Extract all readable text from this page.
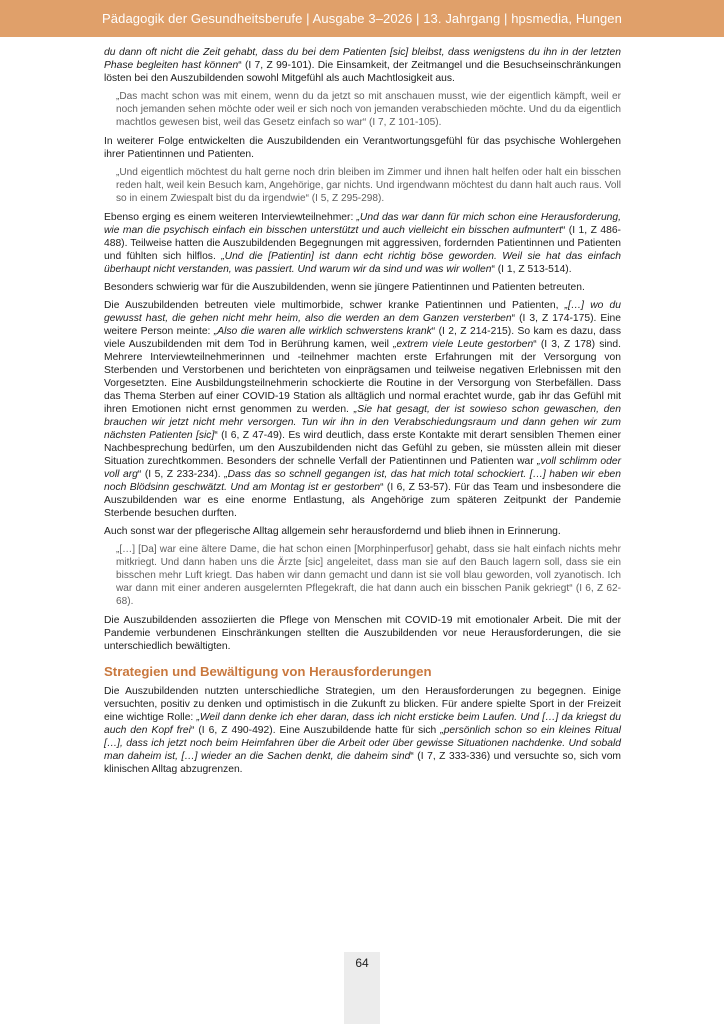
Pädagogik der Gesundheitsberufe | Ausgabe 3–2026 | 13. Jahrgang | hpsmedia, Hungen

du dann oft nicht die Zeit gehabt, dass du bei dem Patienten [sic] bleibst, dass wenigstens du ihn in der letzten Phase begleiten hast können“ (I 7, Z 99-101). Die Einsamkeit, der Zeitmangel und die Besuchseinschränkungen lösten bei den Auszubildenden sowohl Mitgefühl als auch Machtlosigkeit aus.

„Das macht schon was mit einem, wenn du da jetzt so mit anschauen musst, wie der eigentlich kämpft, weil er noch jemanden sehen möchte oder weil er sich noch von jemanden verabschieden möchte. Und du da eigentlich machtlos gewesen bist, weil das Gesetz einfach so war“ (I 7, Z 101-105).

In weiterer Folge entwickelten die Auszubildenden ein Verantwortungsgefühl für das psychische Wohlergehen ihrer Patientinnen und Patienten.

„Und eigentlich möchtest du halt gerne noch drin bleiben im Zimmer und ihnen halt helfen oder halt ein bisschen reden halt, weil kein Besuch kam, Angehörige, gar nichts. Und irgendwann möchtest du dann halt auch raus. Voll so in einem Zwiespalt bist du da irgendwie“ (I 5, Z 295-298).

Ebenso erging es einem weiteren Interviewteilnehmer: „Und das war dann für mich schon eine Herausforderung, wie man die psychisch einfach ein bisschen unterstützt und auch vielleicht ein bisschen aufmuntert“ (I 1, Z 486-488). Teilweise hatten die Auszubildenden Begegnungen mit aggressiven, fordernden Patientinnen und Patienten und fühlten sich hilflos. „Und die [Patientin] ist dann echt richtig böse geworden. Weil sie hat das einfach überhaupt nicht verstanden, was passiert. Und warum wir da sind und was wir wollen“ (I 1, Z 513-514).

Besonders schwierig war für die Auszubildenden, wenn sie jüngere Patientinnen und Patienten betreuten.

Die Auszubildenden betreuten viele multimorbide, schwer kranke Patientinnen und Patienten, „[…] wo du gewusst hast, die gehen nicht mehr heim, also die werden an dem Ganzen versterben“ (I 3, Z 174-175). Eine weitere Person meinte: „Also die waren alle wirklich schwerstens krank“ (I 2, Z 214-215). So kam es dazu, dass viele Auszubildenden mit dem Tod in Berührung kamen, weil „extrem viele Leute gestorben“ (I 3, Z 178) sind. Mehrere Interviewteilnehmerinnen und -teilnehmer machten erste Erfahrungen mit der Versorgung von Sterbenden und Verstorbenen und berichteten von einprägsamen und teilweise negativen Erlebnissen mit den Vorgesetzten. Eine Ausbildungsteilnehmerin schockierte die Routine in der Versorgung von Sterbefällen. Dass das Thema Sterben auf einer COVID-19 Station als alltäglich und normal erachtet wurde, gab ihr das Gefühl mit ihren Emotionen nicht ernst genommen zu werden. „Sie hat gesagt, der ist sowieso schon gewaschen, den brauchen wir jetzt nicht mehr versorgen. Tun wir ihn in den Verabschiedungsraum und dann gehen wir zum nächsten Patienten [sic]“ (I 6, Z 47-49). Es wird deutlich, dass erste Kontakte mit derart sensiblen Themen einer Nachbesprechung bedürfen, um den Auszubildenden nicht das Gefühl zu geben, sie müssten allein mit dieser Situation zurechtkommen. Besonders der schnelle Verfall der Patientinnen und Patienten war „voll schlimm oder voll arg“ (I 5, Z 233-234). „Dass das so schnell gegangen ist, das hat mich total schockiert. […] haben wir eben noch Blödsinn geschwätzt. Und am Montag ist er gestorben“ (I 6, Z 53-57). Für das Team und insbesondere die Auszubildenden war es eine enorme Entlastung, als Angehörige zum späteren Zeitpunkt der Pandemie Sterbende besuchen durften.

Auch sonst war der pflegerische Alltag allgemein sehr herausfordernd und blieb ihnen in Erinnerung.

„[…] [Da] war eine ältere Dame, die hat schon einen [Morphinperfusor] gehabt, dass sie halt einfach nichts mehr mitkriegt. Und dann haben uns die Ärzte [sic] angeleitet, dass man sie auf den Bauch lagern soll, dass sie ein bisschen mehr Luft kriegt. Das haben wir dann gemacht und dann ist sie voll blau geworden, voll zyanotisch. Ich war dann mit einer anderen ausgelernten Pflegekraft, die hat dann auch ein bisschen Panik gekriegt“ (I 6, Z 62-68).

Die Auszubildenden assoziierten die Pflege von Menschen mit COVID-19 mit emotionaler Arbeit. Die mit der Pandemie verbundenen Einschränkungen stellten die Auszubildenden vor neue Herausforderungen, die sie unterschiedlich bewältigten.

Strategien und Bewältigung von Herausforderungen

Die Auszubildenden nutzten unterschiedliche Strategien, um den Herausforderungen zu begegnen. Einige versuchten, positiv zu denken und optimistisch in die Zukunft zu blicken. Für andere spielte Sport in der Freizeit eine wichtige Rolle: „Weil dann denke ich eher daran, dass ich nicht ersticke beim Laufen. Und […] da kriegst du auch den Kopf frei“ (I 6, Z 490-492). Eine Auszubildende hatte für sich „persönlich schon so ein kleines Ritual […], dass ich jetzt noch beim Heimfahren über die Arbeit oder über gewisse Situationen nachdenke. Und sobald man daheim ist, […] wieder an die Sachen denkt, die daheim sind“ (I 7, Z 333-336) und versuchte so, sich vom klinischen Alltag abzugrenzen.

64
